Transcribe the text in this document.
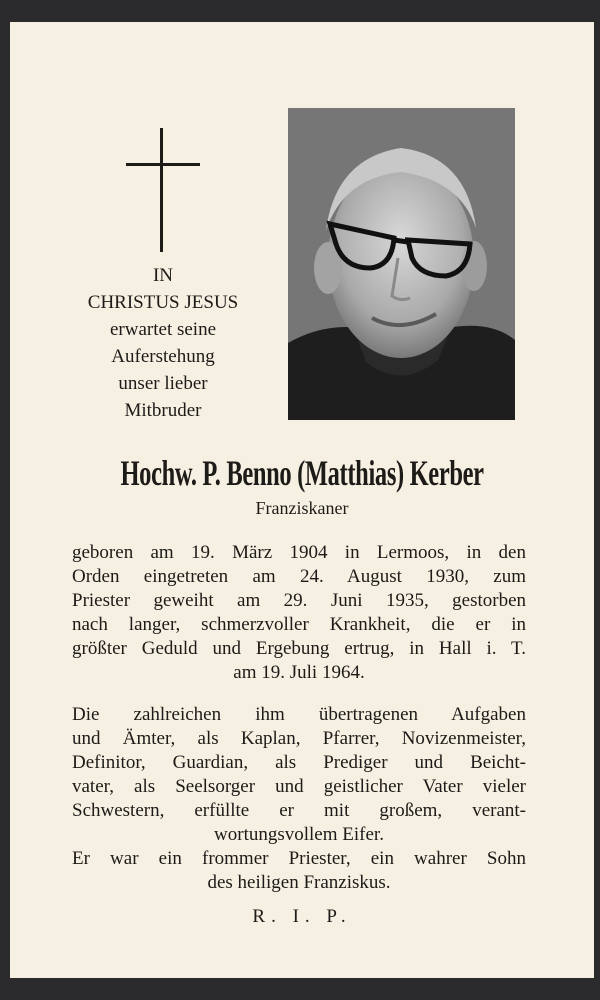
IN
CHRISTUS JESUS
erwartet seine
Auferstehung
unser lieber
Mitbruder
Hochw. P. Benno (Matthias) Kerber
Franziskaner
geboren am 19. März 1904 in Lermoos, in den
Orden eingetreten am 24. August 1930, zum
Priester geweiht am 29. Juni 1935, gestorben
nach langer, schmerzvoller Krankheit, die er in
größter Geduld und Ergebung ertrug, in Hall i. T.
am 19. Juli 1964.
Die zahlreichen ihm übertragenen Aufgaben
und Ämter, als Kaplan, Pfarrer, Novizenmeister,
Definitor, Guardian, als Prediger und Beicht-
vater, als Seelsorger und geistlicher Vater vieler
Schwestern, erfüllte er mit großem, verant-
wortungsvollem Eifer.
Er war ein frommer Priester, ein wahrer Sohn
des heiligen Franziskus.
R. I. P.
